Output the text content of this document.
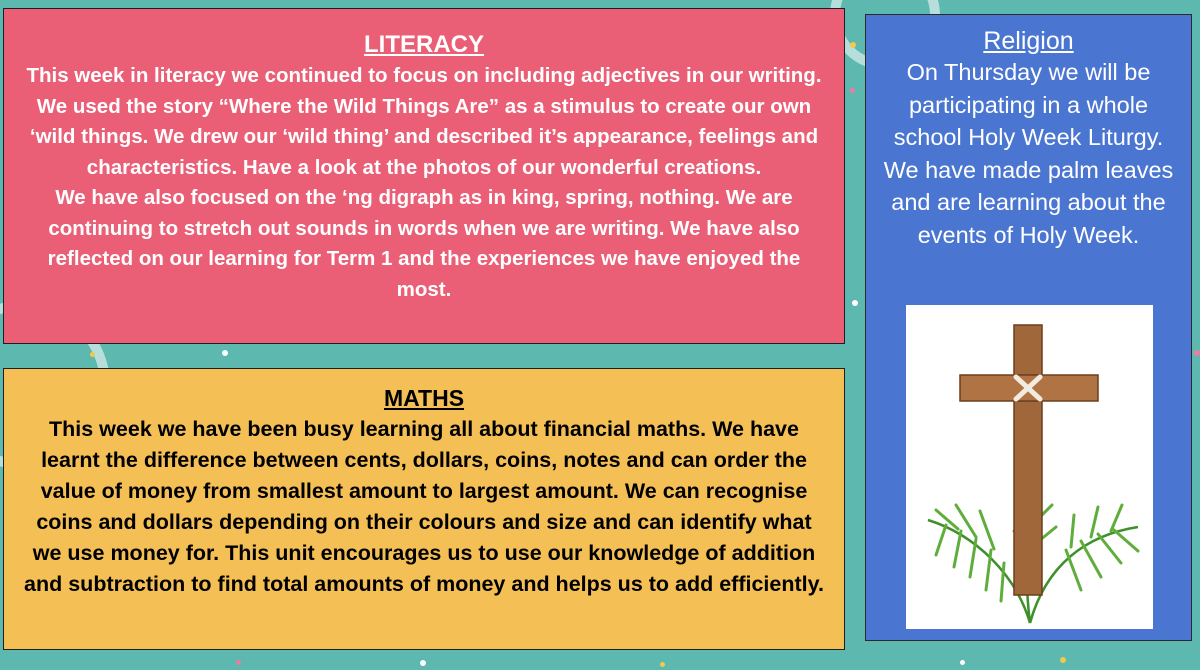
LITERACY

This week in literacy we continued to focus on including adjectives in our writing. We used the story “Where the Wild Things Are” as a stimulus to create our own ‘wild things. We drew our ‘wild thing’ and described it’s appearance, feelings and characteristics. Have a look at the photos of our wonderful creations.

We have also focused on the ‘ng digraph as in king, spring, nothing. We are continuing to stretch out sounds in words when we are writing. We have also reflected on our learning for Term 1 and the experiences we have enjoyed the most.

MATHS

This week we have been busy learning all about financial maths. We have learnt the difference between cents, dollars, coins, notes and can order the value of money from smallest amount to largest amount. We can recognise coins and dollars depending on their colours and size and can identify what we use money for. This unit encourages us to use our knowledge of addition and subtraction to find total amounts of money and helps us to add efficiently.

Religion

On Thursday we will be participating in a whole school Holy Week Liturgy. We have made palm leaves and are learning about the events of Holy Week.
